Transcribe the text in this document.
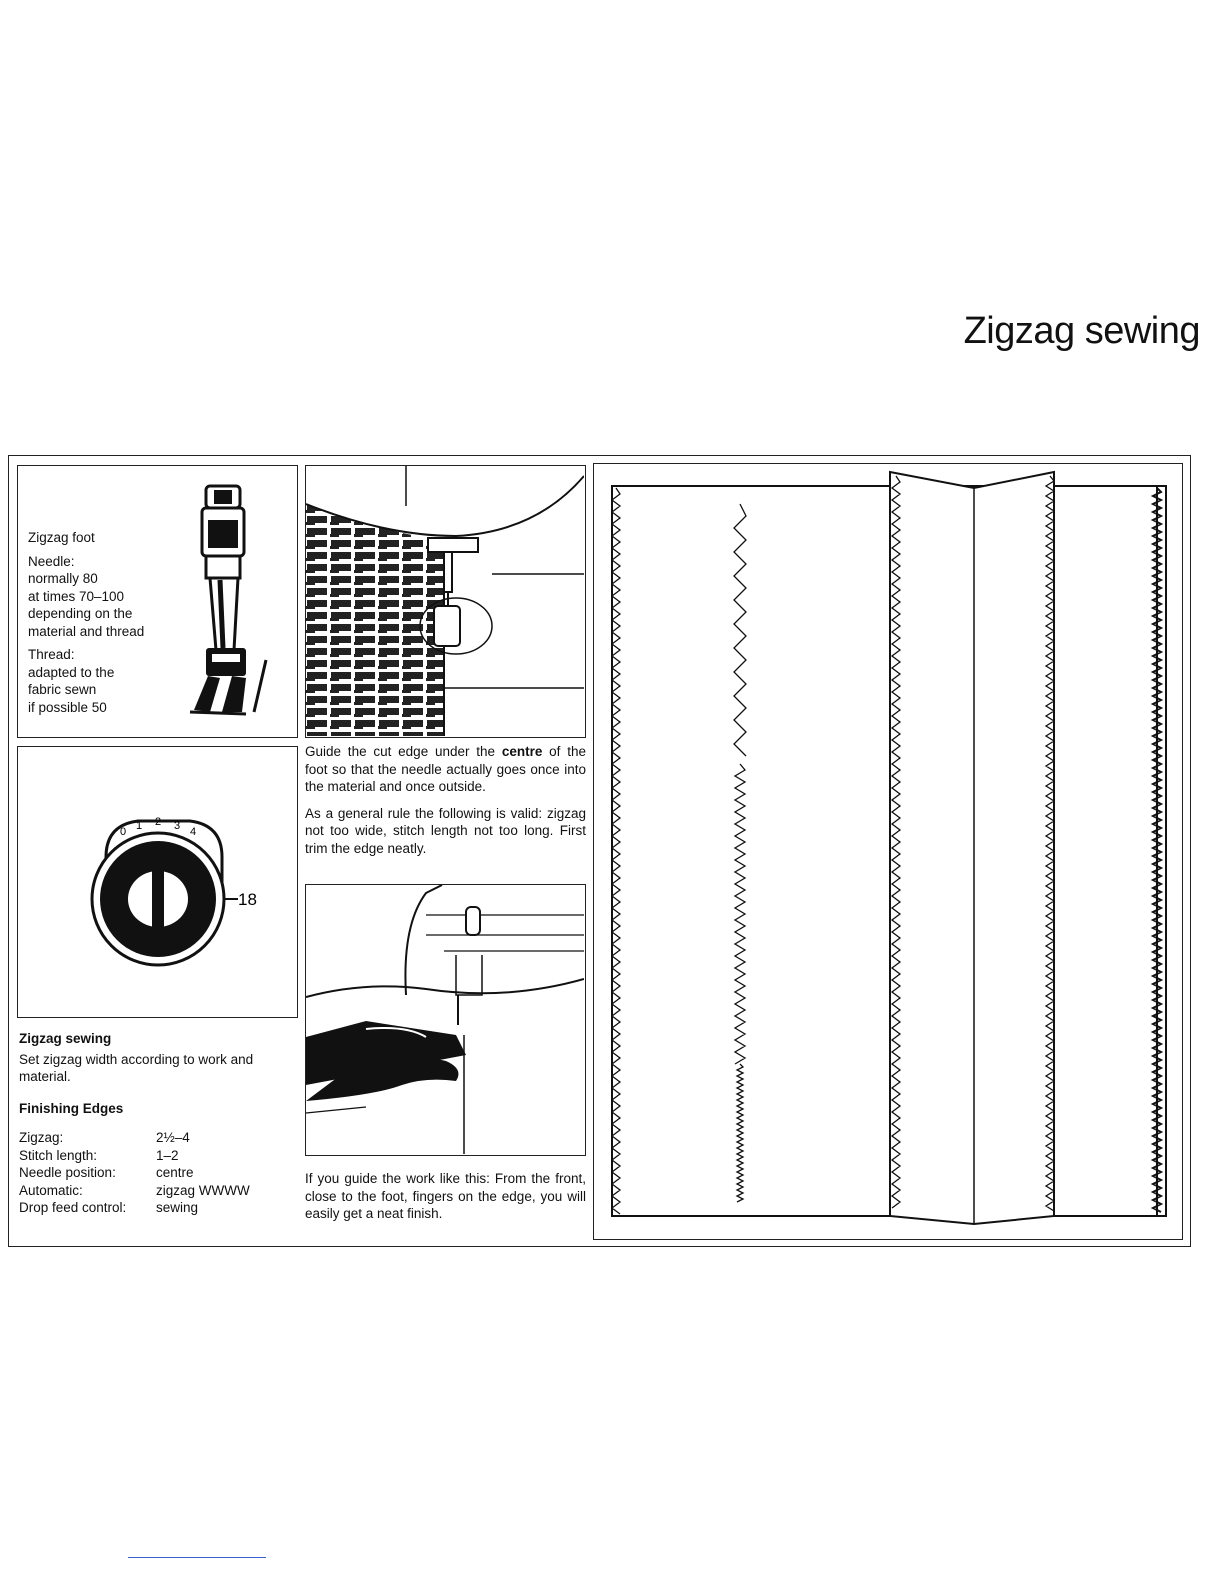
Zigzag sewing

Zigzag foot

Needle:

normally 80

at times 70–100

depending on the

material and thread

Thread:

adapted to the

fabric sewn

if possible 50

0 1 2 3 4
18

Zigzag sewing

Set zigzag width according to work and material.

Finishing Edges

Zigzag:	2½–4
Stitch length:	1–2
Needle position:	centre
Automatic:	zigzag WWWW
Drop feed control:	sewing

Guide the cut edge under the centre of the foot so that the needle actually goes once into the material and once outside.

As a general rule the following is valid: zigzag not too wide, stitch length not too long. First trim the edge neatly.

If you guide the work like this: From the front, close to the foot, fingers on the edge, you will easily get a neat finish.
